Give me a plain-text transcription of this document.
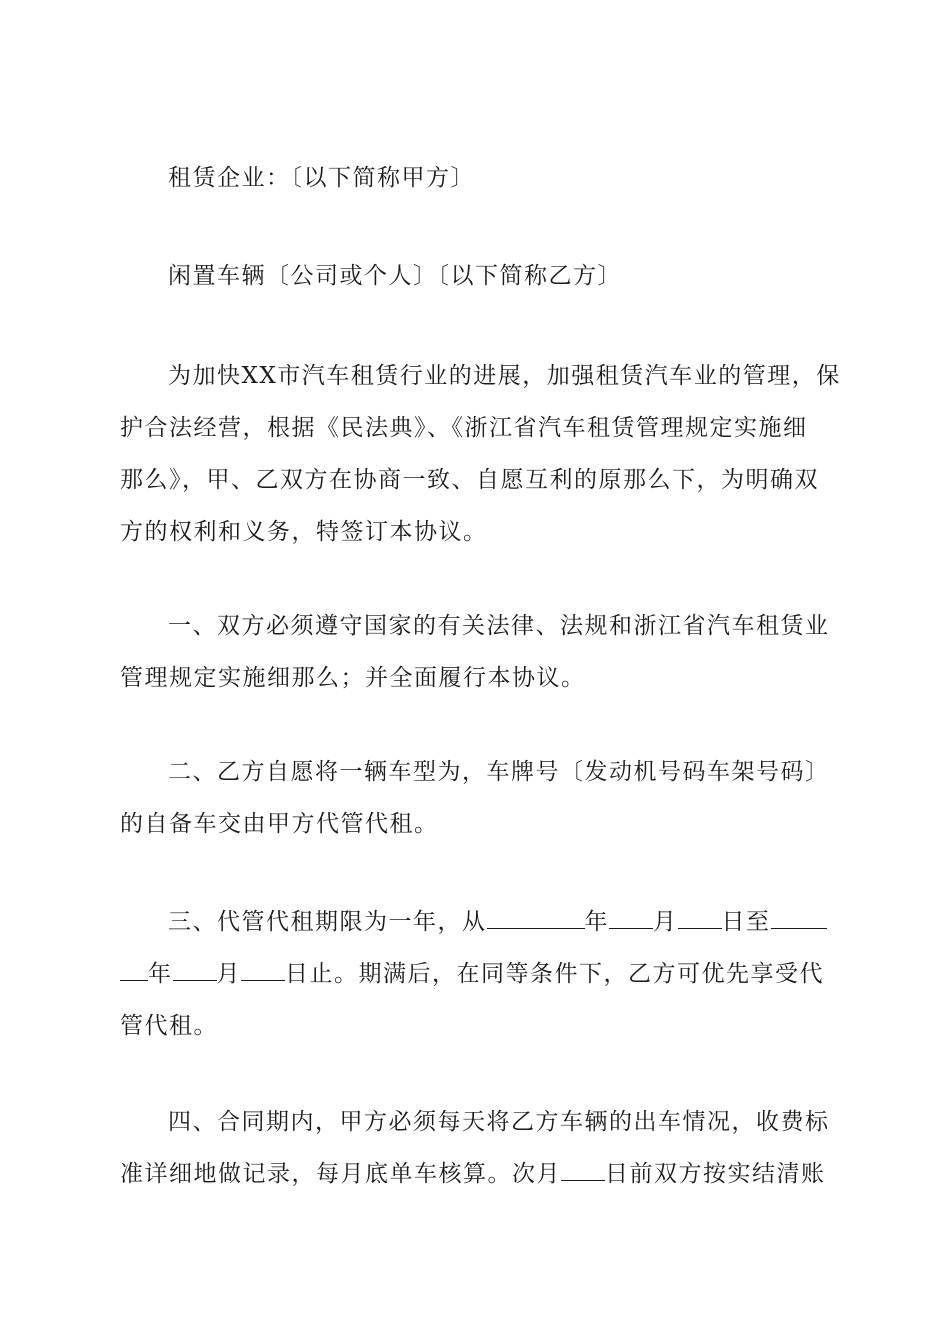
租赁企业：〔以下简称甲方〕

闲置车辆〔公司或个人〕〔以下简称乙方〕

为加快XX市汽车租赁行业的进展，加强租赁汽车业的管理，保
护合法经营，根据《民法典》、《浙江省汽车租赁管理规定实施细
那么》，甲、乙双方在协商一致、自愿互利的原那么下，为明确双
方的权利和义务，特签订本协议。

一、双方必须遵守国家的有关法律、法规和浙江省汽车租赁业
管理规定实施细那么；并全面履行本协议。

二、乙方自愿将一辆车型为，车牌号〔发动机号码车架号码〕
的自备车交由甲方代管代租。

三、代管代租期限为一年，从	年 月 日至
年 月 日止。期满后，在同等条件下，乙方可优先享受代
管代租。

四、合同期内，甲方必须每天将乙方车辆的出车情况，收费标
准详细地做记录，每月底单车核算。次月 日前双方按实结清账
